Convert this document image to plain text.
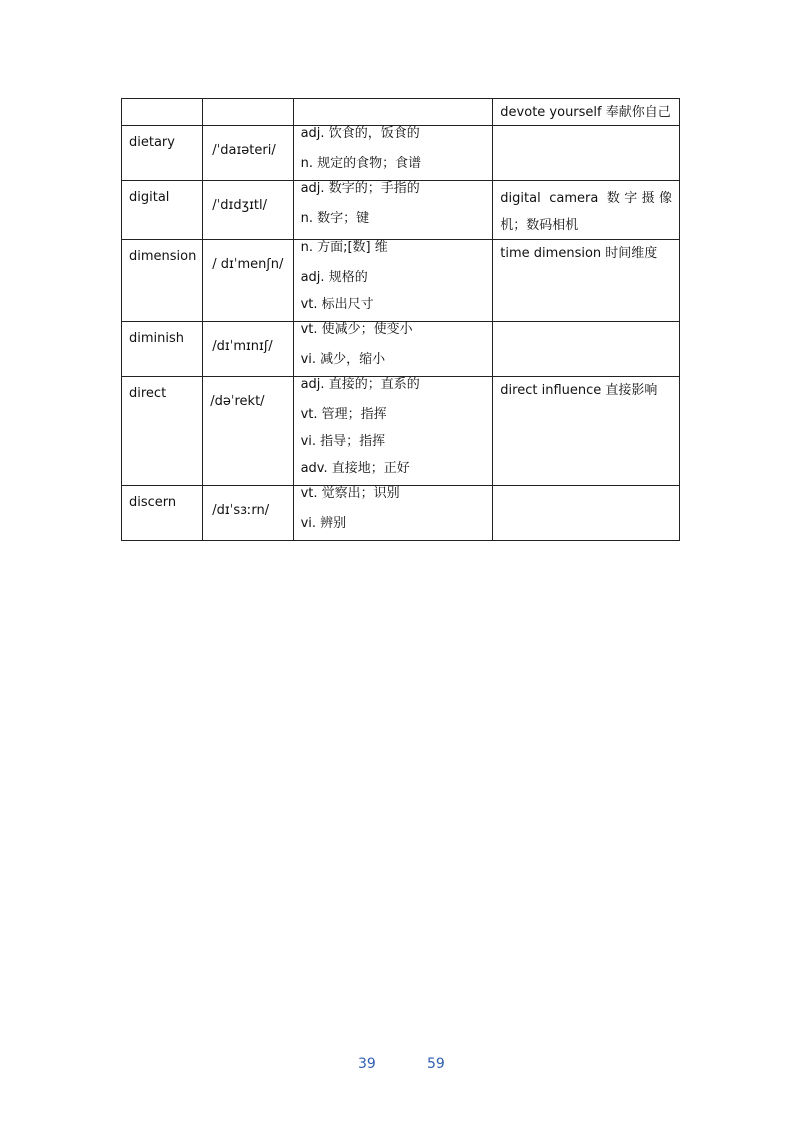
			devote yourself 奉献你自己

dietary	/ˈdaɪəteri/	adj. 饮食的，饭食的
n. 规定的食物；食谱	

digital	/ˈdɪdʒɪtl/	adj. 数字的；手指的
n. 数字；键	digital camera 数字摄像机；数码相机

dimension	/ dɪˈmenʃn/	n. 方面;[数] 维
adj. 规格的
vt. 标出尺寸	time dimension 时间维度

diminish	/dɪˈmɪnɪʃ/	vt. 使减少；使变小
vi. 减少，缩小	

direct	/dəˈrekt/	adj. 直接的；直系的
vt. 管理；指挥
vi. 指导；指挥
adv. 直接地；正好	direct influence 直接影响

discern	/dɪˈsɜːrn/	vt. 觉察出；识别
vi. 辨别	

39	59
